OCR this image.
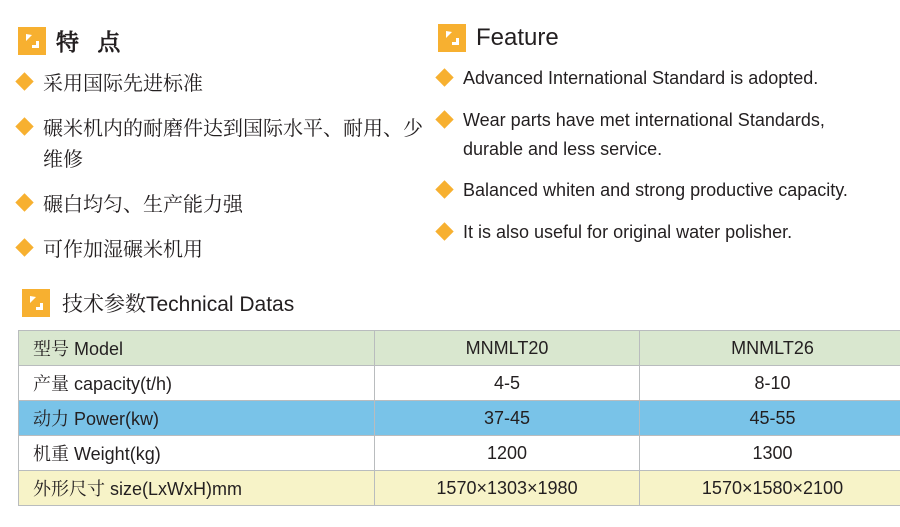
特 点
采用国际先进标准
碾米机内的耐磨件达到国际水平、耐用、少维修
碾白均匀、生产能力强
可作加湿碾米机用
Feature
Advanced International Standard is adopted.
Wear parts have met international Standards, durable and less service.
Balanced whiten and strong productive capacity.
It is also useful for original water polisher.
技术参数Technical Datas
型号 Model	MNMLT20	MNMLT26
产量 capacity(t/h)	4-5	8-10
动力 Power(kw)	37-45	45-55
机重 Weight(kg)	1200	1300
外形尺寸 size(LxWxH)mm	1570×1303×1980	1570×1580×2100
